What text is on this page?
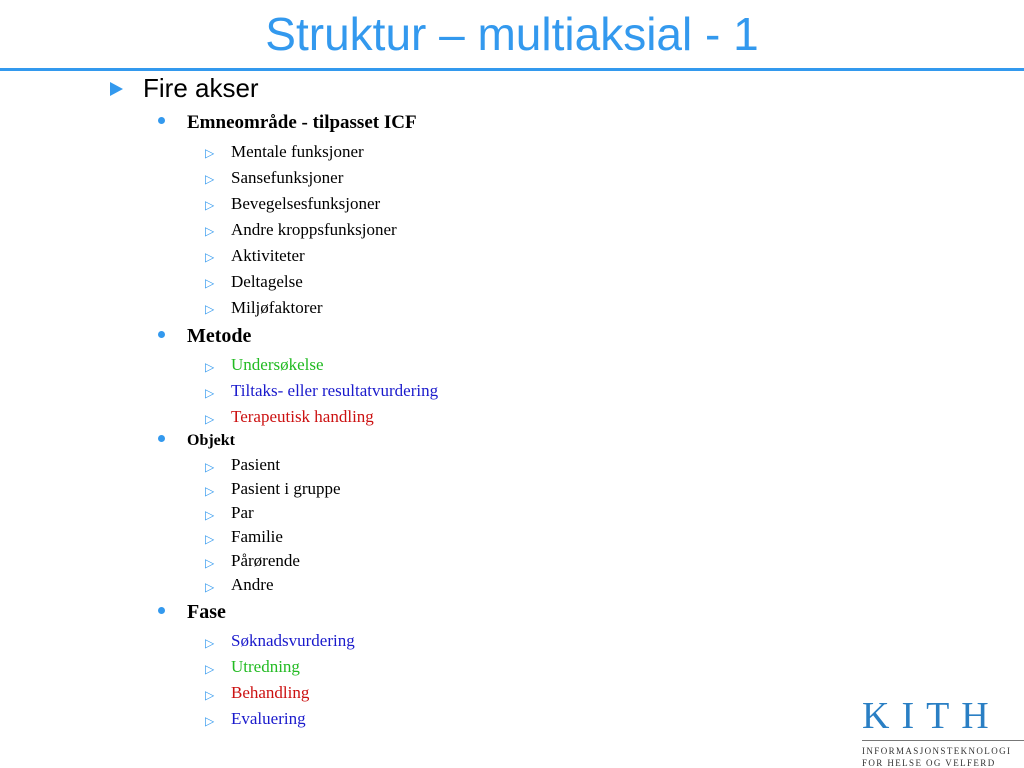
Struktur – multiaksial - 1
Fire akser
Emneområde - tilpasset ICF
▷ Mentale funksjoner
▷ Sansefunksjoner
▷ Bevegelsesfunksjoner
▷ Andre kroppsfunksjoner
▷ Aktiviteter
▷ Deltagelse
▷ Miljøfaktorer
Metode
▷ Undersøkelse
▷ Tiltaks- eller resultatvurdering
▷ Terapeutisk handling
Objekt
▷ Pasient
▷ Pasient i gruppe
▷ Par
▷ Familie
▷ Pårørende
▷ Andre
Fase
▷ Søknadsvurdering
▷ Utredning
▷ Behandling
▷ Evaluering	KITH
INFORMASJONSTEKNOLOGI
FOR HELSE OG VELFERD
